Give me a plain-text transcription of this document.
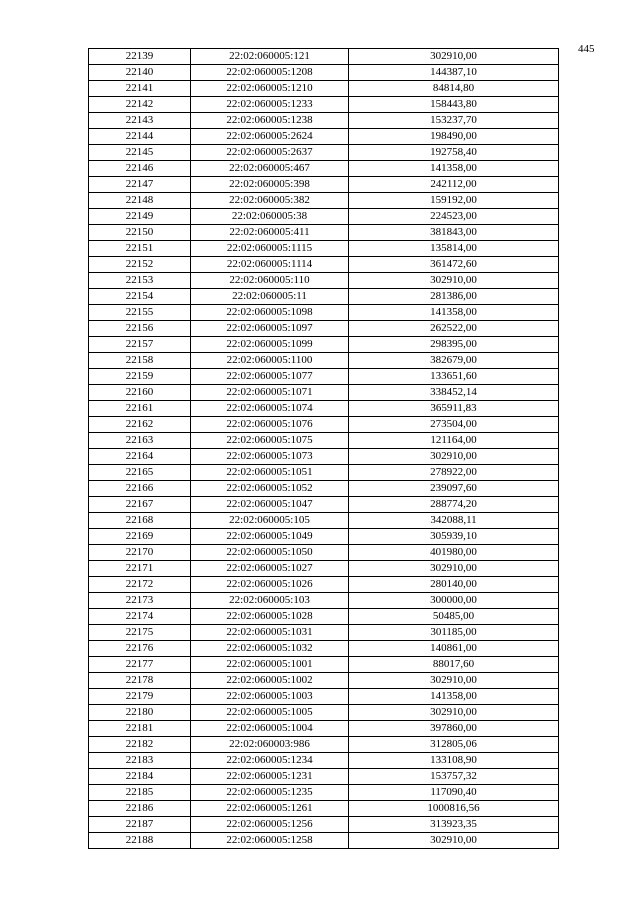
445
22139	22:02:060005:121	302910,00
22140	22:02:060005:1208	144387,10
22141	22:02:060005:1210	84814,80
22142	22:02:060005:1233	158443,80
22143	22:02:060005:1238	153237,70
22144	22:02:060005:2624	198490,00
22145	22:02:060005:2637	192758,40
22146	22:02:060005:467	141358,00
22147	22:02:060005:398	242112,00
22148	22:02:060005:382	159192,00
22149	22:02:060005:38	224523,00
22150	22:02:060005:411	381843,00
22151	22:02:060005:1115	135814,00
22152	22:02:060005:1114	361472,60
22153	22:02:060005:110	302910,00
22154	22:02:060005:11	281386,00
22155	22:02:060005:1098	141358,00
22156	22:02:060005:1097	262522,00
22157	22:02:060005:1099	298395,00
22158	22:02:060005:1100	382679,00
22159	22:02:060005:1077	133651,60
22160	22:02:060005:1071	338452,14
22161	22:02:060005:1074	365911,83
22162	22:02:060005:1076	273504,00
22163	22:02:060005:1075	121164,00
22164	22:02:060005:1073	302910,00
22165	22:02:060005:1051	278922,00
22166	22:02:060005:1052	239097,60
22167	22:02:060005:1047	288774,20
22168	22:02:060005:105	342088,11
22169	22:02:060005:1049	305939,10
22170	22:02:060005:1050	401980,00
22171	22:02:060005:1027	302910,00
22172	22:02:060005:1026	280140,00
22173	22:02:060005:103	300000,00
22174	22:02:060005:1028	50485,00
22175	22:02:060005:1031	301185,00
22176	22:02:060005:1032	140861,00
22177	22:02:060005:1001	88017,60
22178	22:02:060005:1002	302910,00
22179	22:02:060005:1003	141358,00
22180	22:02:060005:1005	302910,00
22181	22:02:060005:1004	397860,00
22182	22:02:060003:986	312805,06
22183	22:02:060005:1234	133108,90
22184	22:02:060005:1231	153757,32
22185	22:02:060005:1235	117090,40
22186	22:02:060005:1261	1000816,56
22187	22:02:060005:1256	313923,35
22188	22:02:060005:1258	302910,00
